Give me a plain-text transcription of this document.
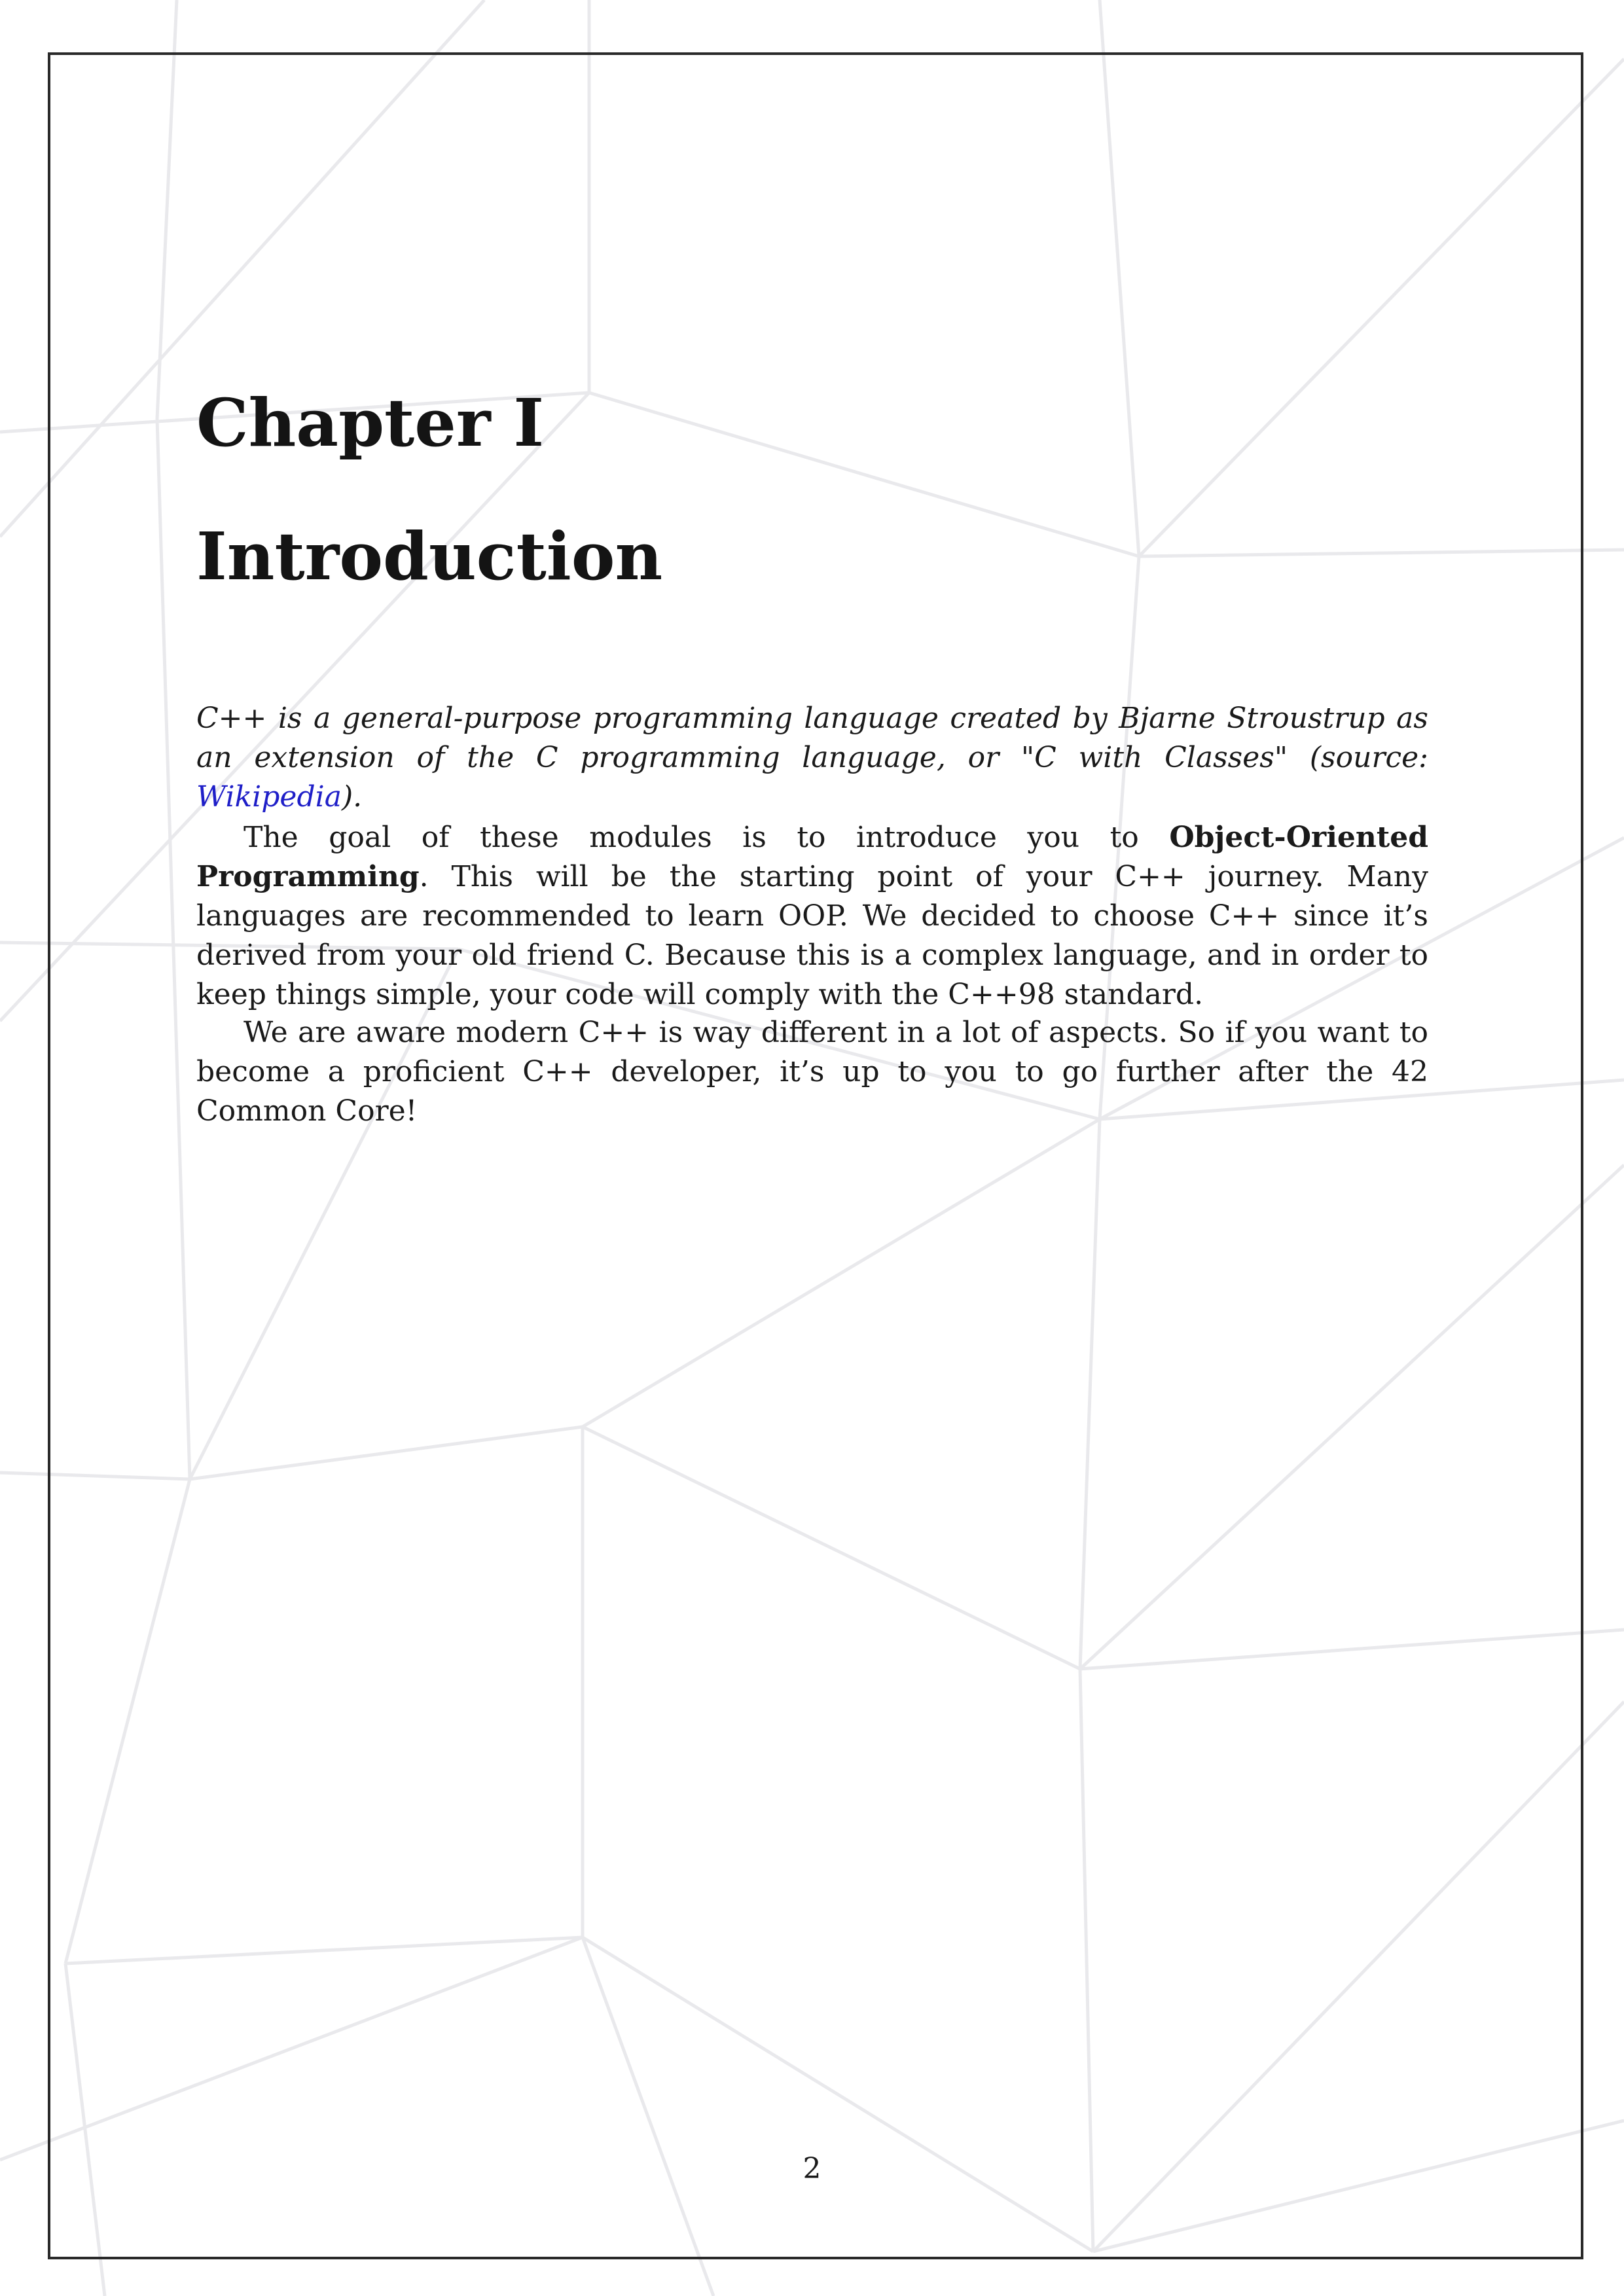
Chapter I
Introduction

C++ is a general-purpose programming language created by Bjarne Stroustrup as an extension of the C programming language, or "C with Classes" (source: Wikipedia).

The goal of these modules is to introduce you to Object-Oriented Programming. This will be the starting point of your C++ journey. Many languages are recommended to learn OOP. We decided to choose C++ since it’s derived from your old friend C. Because this is a complex language, and in order to keep things simple, your code will comply with the C++98 standard.

We are aware modern C++ is way different in a lot of aspects. So if you want to become a proficient C++ developer, it’s up to you to go further after the 42 Common Core!

2
